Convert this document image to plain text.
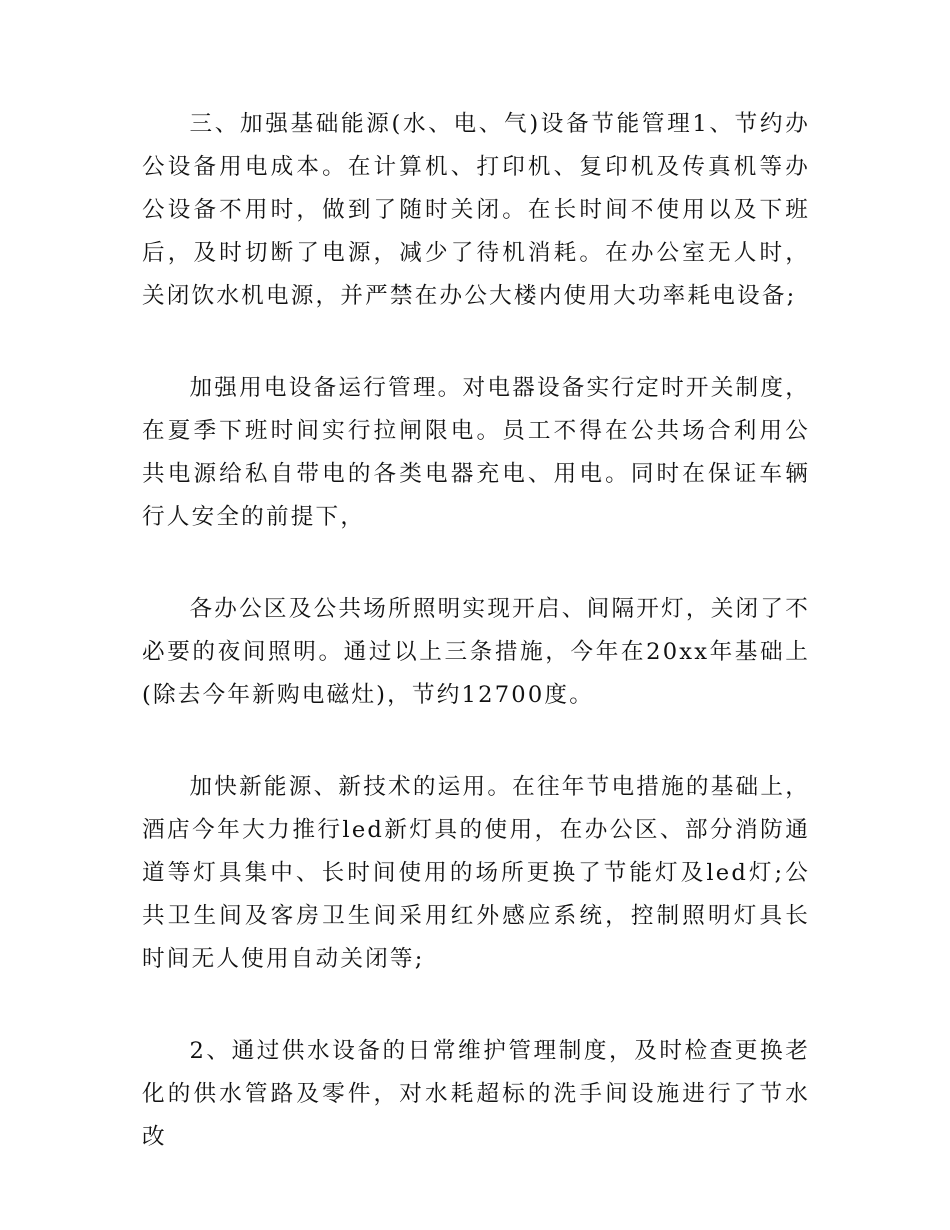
三、加强基础能源(水、电、气)设备节能管理1、节约办公设备用电成本。在计算机、打印机、复印机及传真机等办公设备不用时，做到了随时关闭。在长时间不使用以及下班后，及时切断了电源，减少了待机消耗。在办公室无人时，关闭饮水机电源，并严禁在办公大楼内使用大功率耗电设备;

加强用电设备运行管理。对电器设备实行定时开关制度，在夏季下班时间实行拉闸限电。员工不得在公共场合利用公共电源给私自带电的各类电器充电、用电。同时在保证车辆行人安全的前提下，

各办公区及公共场所照明实现开启、间隔开灯，关闭了不必要的夜间照明。通过以上三条措施，今年在20xx年基础上(除去今年新购电磁灶)，节约12700度。

加快新能源、新技术的运用。在往年节电措施的基础上，酒店今年大力推行led新灯具的使用，在办公区、部分消防通道等灯具集中、长时间使用的场所更换了节能灯及led灯;公共卫生间及客房卫生间采用红外感应系统，控制照明灯具长时间无人使用自动关闭等;

2、通过供水设备的日常维护管理制度，及时检查更换老化的供水管路及零件，对水耗超标的洗手间设施进行了节水改
